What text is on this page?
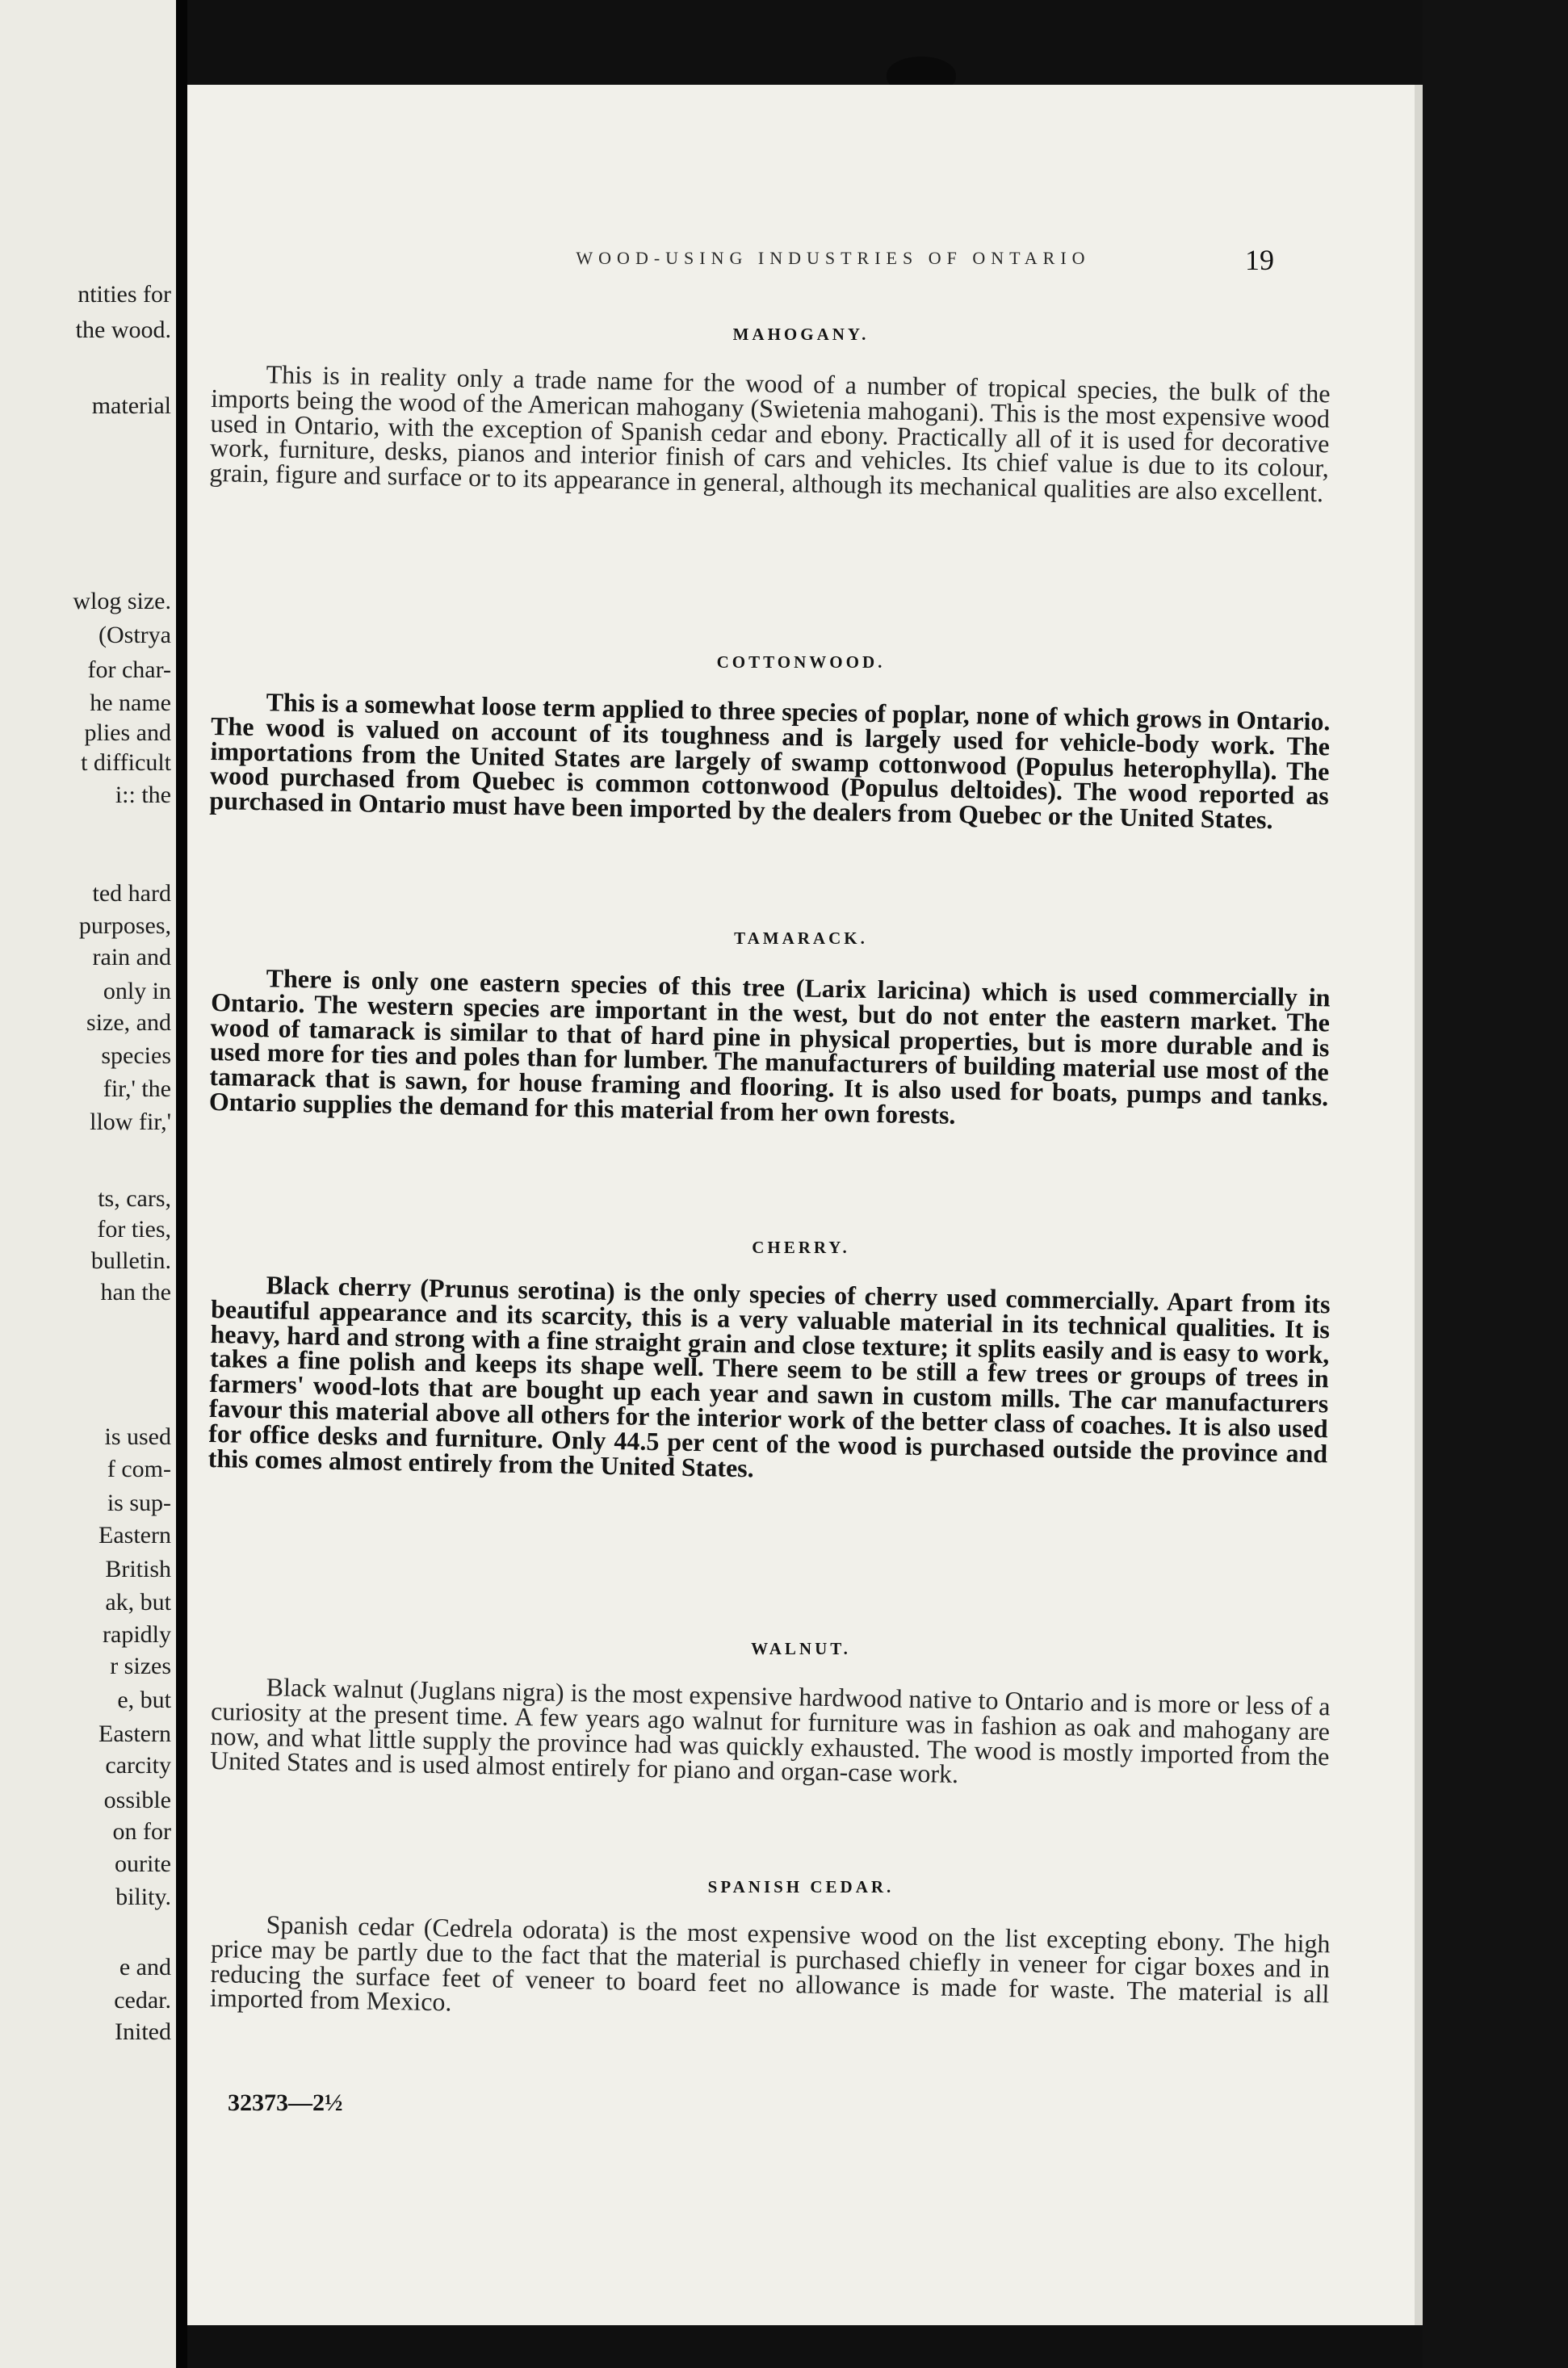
ntities for
the wood.
material
wlog size.
(Ostrya
for char-
he name
plies and
t difficult
i:: the
ted hard
purposes,
rain and
only in
size, and
species
fir,' the
llow fir,'
ts, cars,
for ties,
bulletin.
han the
is used
f com-
is sup-
Eastern
British
ak, but
rapidly
r sizes
e, but
Eastern
carcity
ossible
on for
ourite
bility.
e and
cedar.
Inited
WOOD-USING INDUSTRIES OF ONTARIO	19
MAHOGANY.

This is in reality only a trade name for the wood of a number of tropical species, the bulk of the imports being the wood of the American mahogany (Swietenia mahogani). This is the most expensive wood used in Ontario, with the exception of Spanish cedar and ebony. Practically all of it is used for decorative work, furniture, desks, pianos and interior finish of cars and vehicles. Its chief value is due to its colour, grain, figure and surface or to its appearance in general, although its mechanical qualities are also excellent.

COTTONWOOD.

This is a somewhat loose term applied to three species of poplar, none of which grows in Ontario. The wood is valued on account of its toughness and is largely used for vehicle-body work. The importations from the United States are largely of swamp cottonwood (Populus heterophylla). The wood purchased from Quebec is common cottonwood (Populus deltoides). The wood reported as purchased in Ontario must have been imported by the dealers from Quebec or the United States.

TAMARACK.

There is only one eastern species of this tree (Larix laricina) which is used commercially in Ontario. The western species are important in the west, but do not enter the eastern market. The wood of tamarack is similar to that of hard pine in physical properties, but is more durable and is used more for ties and poles than for lumber. The manufacturers of building material use most of the tamarack that is sawn, for house framing and flooring. It is also used for boats, pumps and tanks. Ontario supplies the demand for this material from her own forests.

CHERRY.

Black cherry (Prunus serotina) is the only species of cherry used commercially. Apart from its beautiful appearance and its scarcity, this is a very valuable material in its technical qualities. It is heavy, hard and strong with a fine straight grain and close texture; it splits easily and is easy to work, takes a fine polish and keeps its shape well. There seem to be still a few trees or groups of trees in farmers' wood-lots that are bought up each year and sawn in custom mills. The car manufacturers favour this material above all others for the interior work of the better class of coaches. It is also used for office desks and furniture. Only 44.5 per cent of the wood is purchased outside the province and this comes almost entirely from the United States.

WALNUT.

Black walnut (Juglans nigra) is the most expensive hardwood native to Ontario and is more or less of a curiosity at the present time. A few years ago walnut for furniture was in fashion as oak and mahogany are now, and what little supply the province had was quickly exhausted. The wood is mostly imported from the United States and is used almost entirely for piano and organ-case work.

SPANISH CEDAR.

Spanish cedar (Cedrela odorata) is the most expensive wood on the list excepting ebony. The high price may be partly due to the fact that the material is purchased chiefly in veneer for cigar boxes and in reducing the surface feet of veneer to board feet no allowance is made for waste. The material is all imported from Mexico.

32373—2½
